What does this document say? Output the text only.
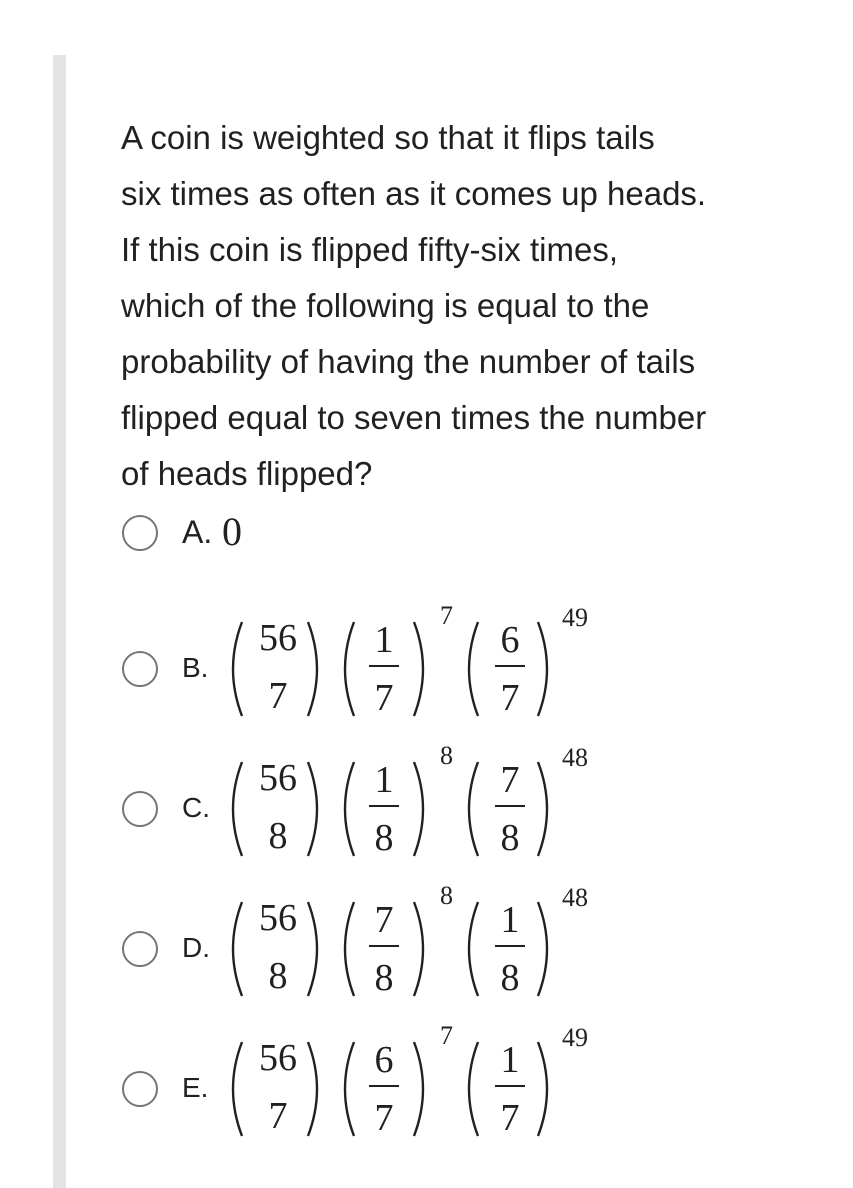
A coin is weighted so that it flips tails
six times as often as it comes up heads.
If this coin is flipped fifty-six times,
which of the following is equal to the
probability of having the number of tails
flipped equal to seven times the number
of heads flipped?
A. 0
B.
56
7
1
7
7
6
7
49
C.
56
8
1
8
8
7
8
48
D.
56
8
7
8
8
1
8
48
E.
56
7
6
7
7
1
7
49
